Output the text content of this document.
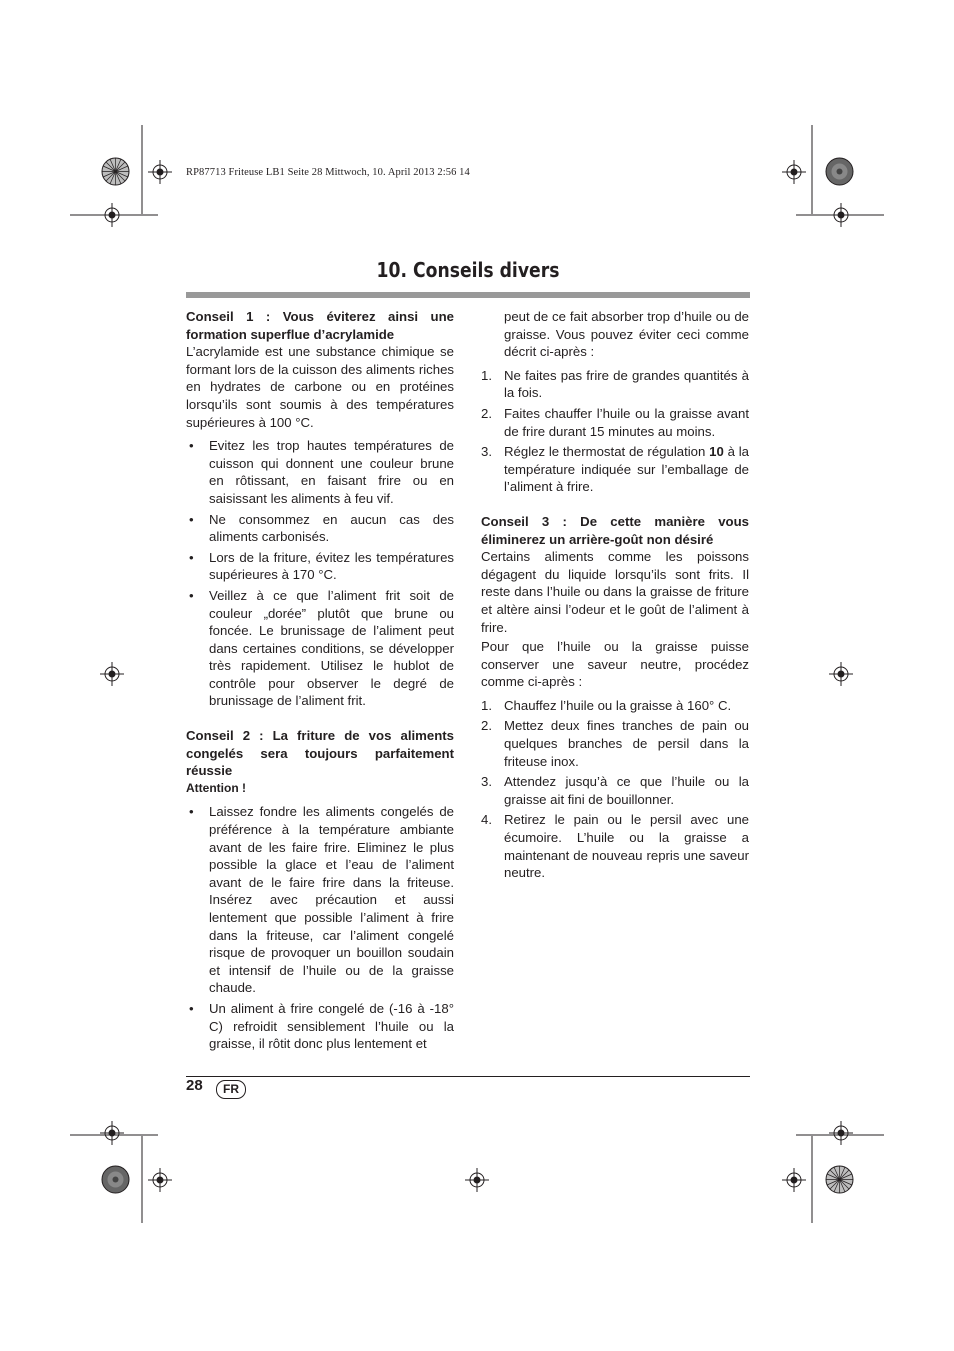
RP87713 Friteuse LB1 Seite 28 Mittwoch, 10. April 2013 2:56 14
10. Conseils divers

Conseil 1 : Vous éviterez ainsi une formation superflue d’acrylamide

L’acrylamide est une substance chimique se formant lors de la cuisson des aliments riches en hydrates de carbone ou en protéines lorsqu’ils sont soumis à des températures supérieures à 100 °C.

• Evitez les trop hautes températures de cuisson qui donnent une couleur brune en rôtissant, en faisant frire ou en saisissant les aliments à feu vif.
• Ne consommez en aucun cas des aliments carbonisés.
• Lors de la friture, évitez les températures supérieures à 170 °C.
• Veillez à ce que l’aliment frit soit de couleur „dorée” plutôt que brune ou foncée. Le brunissage de l’aliment peut dans certaines conditions, se développer très rapidement. Utilisez le hublot de contrôle pour observer le degré de brunissage de l’aliment frit.

Conseil 2 : La friture de vos aliments congelés sera toujours parfaitement réussie

Attention !

• Laissez fondre les aliments congelés de préférence à la température ambiante avant de les faire frire. Eliminez le plus possible la glace et l’eau de l’aliment avant de le faire frire dans la friteuse. Insérez avec précaution et aussi lentement que possible l’aliment à frire dans la friteuse, car l’aliment congelé risque de provoquer un bouillon soudain et intensif de l’huile ou de la graisse chaude.
• Un aliment à frire congelé de (-16 à -18° C) refroidit sensiblement l’huile ou la graisse, il rôtit donc plus lentement et

peut de ce fait absorber trop d’huile ou de graisse. Vous pouvez éviter ceci comme décrit ci-après :

1. Ne faites pas frire de grandes quantités à la fois.
2. Faites chauffer l’huile ou la graisse avant de frire durant 15 minutes au moins.
3. Réglez le thermostat de régulation 10 à la température indiquée sur l’emballage de l’aliment à frire.

Conseil 3 : De cette manière vous éliminerez un arrière-goût non désiré

Certains aliments comme les poissons dégagent du liquide lorsqu’ils sont frits. Il reste dans l’huile ou dans la graisse de friture et altère ainsi l’odeur et le goût de l’aliment à frire.

Pour que l’huile ou la graisse puisse conserver une saveur neutre, procédez comme ci-après :

1. Chauffez l’huile ou la graisse à 160° C.
2. Mettez deux fines tranches de pain ou quelques branches de persil dans la friteuse inox.
3. Attendez jusqu’à ce que l’huile ou la graisse ait fini de bouillonner.
4. Retirez le pain ou le persil avec une écumoire. L’huile ou la graisse a maintenant de nouveau repris une saveur neutre.
28	FR
